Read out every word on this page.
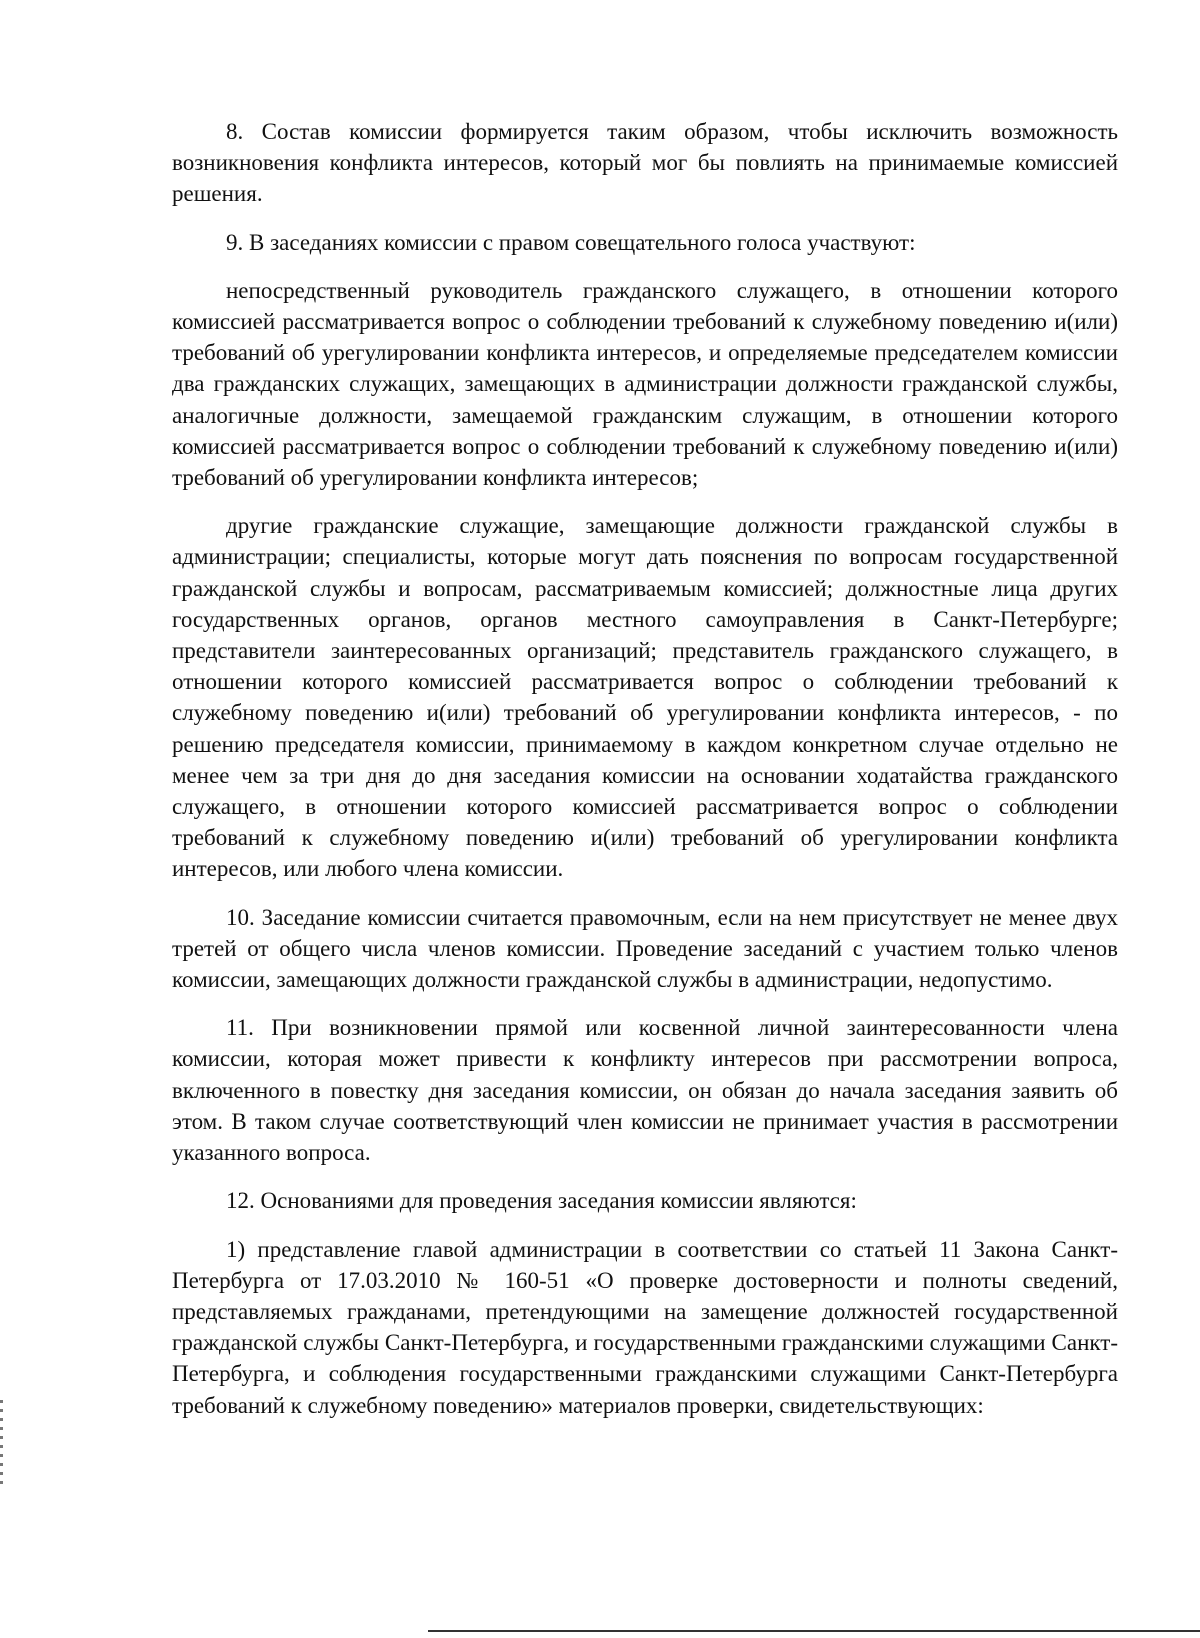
8. Состав комиссии формируется таким образом, чтобы исключить возможность возникновения конфликта интересов, который мог бы повлиять на принимаемые комиссией решения.

9. В заседаниях комиссии с правом совещательного голоса участвуют:

непосредственный руководитель гражданского служащего, в отношении которого комиссией рассматривается вопрос о соблюдении требований к служебному поведению и(или) требований об урегулировании конфликта интересов, и определяемые председателем комиссии два гражданских служащих, замещающих в администрации должности гражданской службы, аналогичные должности, замещаемой гражданским служащим, в отношении которого комиссией рассматривается вопрос о соблюдении требований к служебному поведению и(или) требований об урегулировании конфликта интересов;

другие гражданские служащие, замещающие должности гражданской службы в администрации; специалисты, которые могут дать пояснения по вопросам государственной гражданской службы и вопросам, рассматриваемым комиссией; должностные лица других государственных органов, органов местного самоуправления в Санкт-Петербурге; представители заинтересованных организаций; представитель гражданского служащего, в отношении которого комиссией рассматривается вопрос о соблюдении требований к служебному поведению и(или) требований об урегулировании конфликта интересов, - по решению председателя комиссии, принимаемому в каждом конкретном случае отдельно не менее чем за три дня до дня заседания комиссии на основании ходатайства гражданского служащего, в отношении которого комиссией рассматривается вопрос о соблюдении требований к служебному поведению и(или) требований об урегулировании конфликта интересов, или любого члена комиссии.

10. Заседание комиссии считается правомочным, если на нем присутствует не менее двух третей от общего числа членов комиссии. Проведение заседаний с участием только членов комиссии, замещающих должности гражданской службы в администрации, недопустимо.

11. При возникновении прямой или косвенной личной заинтересованности члена комиссии, которая может привести к конфликту интересов при рассмотрении вопроса, включенного в повестку дня заседания комиссии, он обязан до начала заседания заявить об этом. В таком случае соответствующий член комиссии не принимает участия в рассмотрении указанного вопроса.

12. Основаниями для проведения заседания комиссии являются:

1) представление главой администрации в соответствии со статьей 11 Закона Санкт-Петербурга от 17.03.2010 № 160-51 «О проверке достоверности и полноты сведений, представляемых гражданами, претендующими на замещение должностей государственной гражданской службы Санкт-Петербурга, и государственными гражданскими служащими Санкт-Петербурга, и соблюдения государственными гражданскими служащими Санкт-Петербурга требований к служебному поведению» материалов проверки, свидетельствующих:
